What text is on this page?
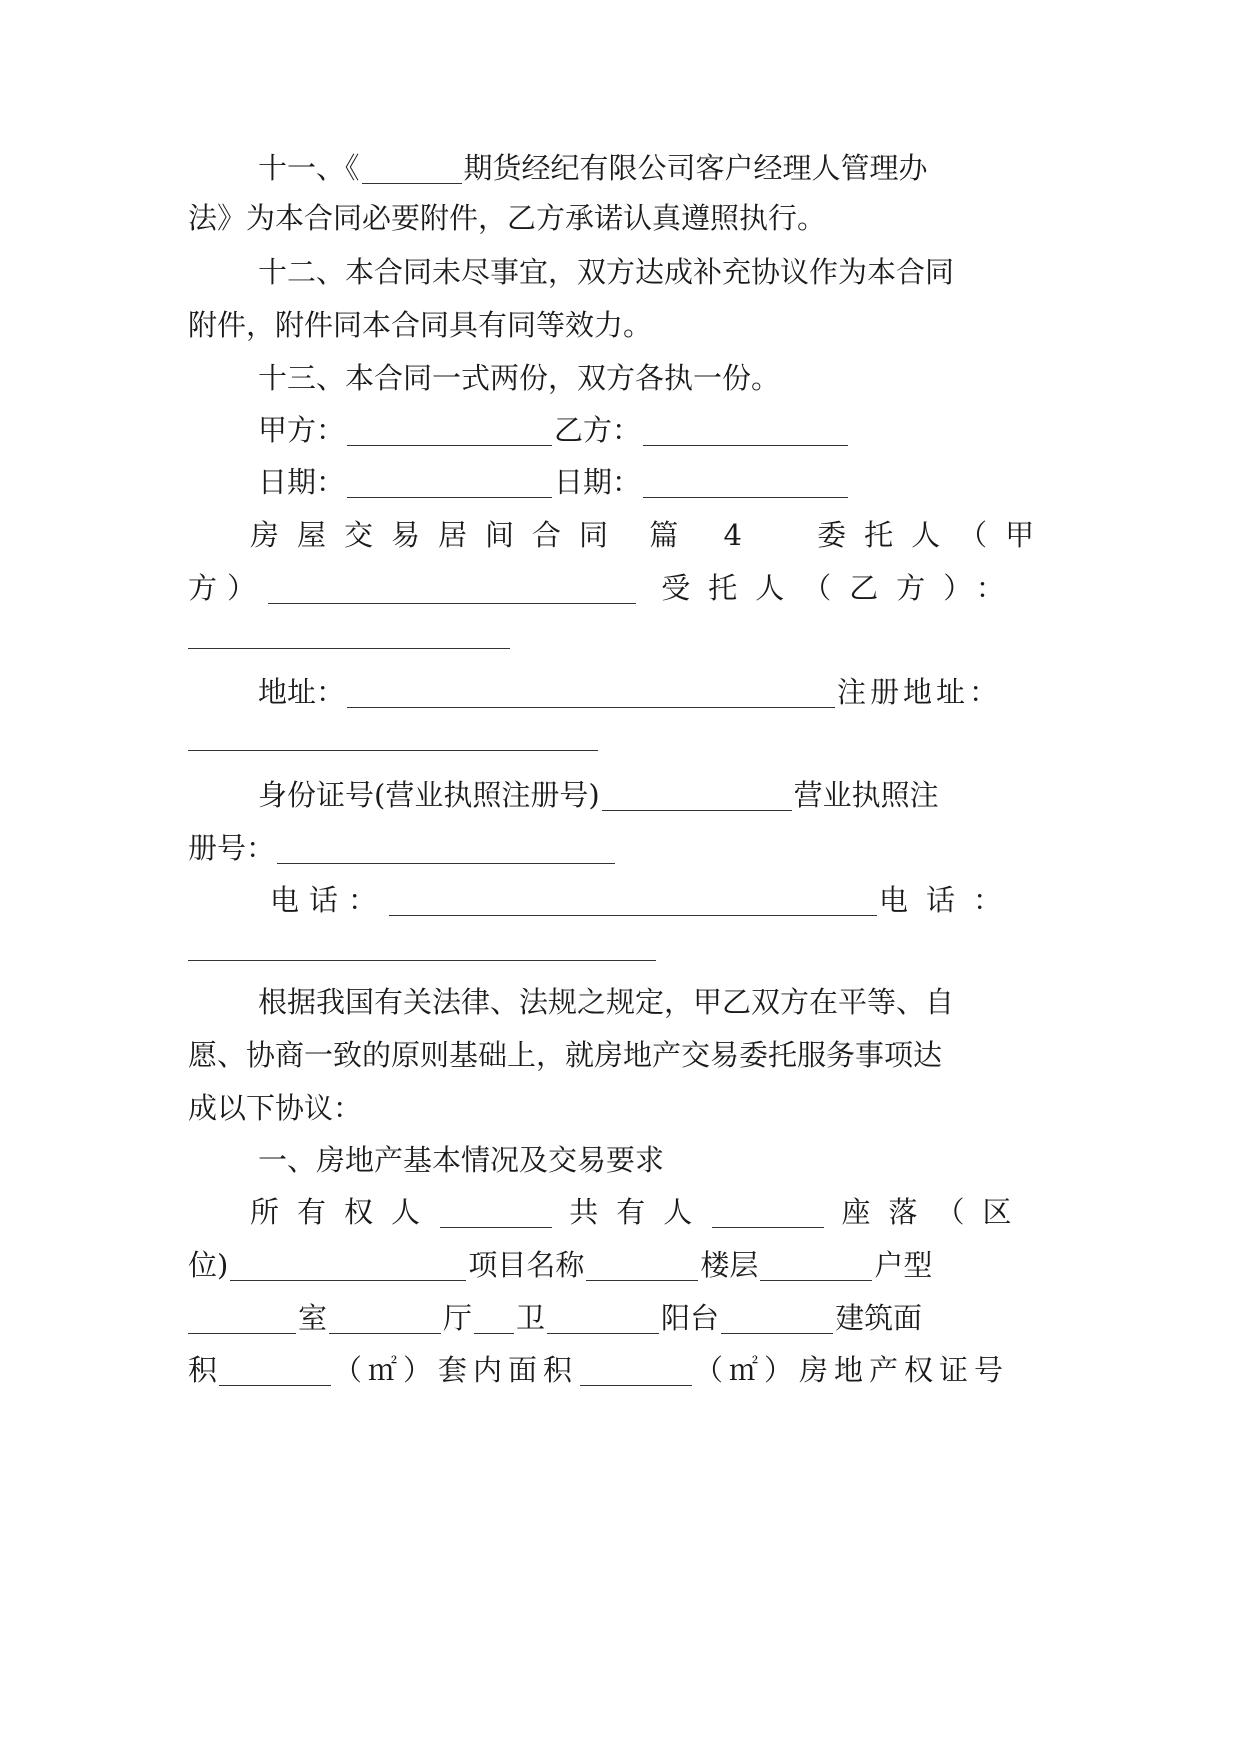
十一、《	期货经纪有限公司客户经理人管理办
法》为本合同必要附件，乙方承诺认真遵照执行。
十二、本合同未尽事宜，双方达成补充协议作为本合同
附件，附件同本合同具有同等效力。
十三、本合同一式两份，双方各执一份。
甲方：	乙方：
日期：	日期：
房屋交易居间合同 篇 4 委托人（甲
方）	受托人（乙方）：
地址：	注册地址：
身份证号(营业执照注册号)	营业执照注
册号：
电话：	电话：
根据我国有关法律、法规之规定，甲乙双方在平等、自
愿、协商一致的原则基础上，就房地产交易委托服务事项达
成以下协议：
一、房地产基本情况及交易要求
所有权人	共有人	座落（区
位)	项目名称	楼层	户型
室	厅 卫	阳台	建筑面
积	（㎡）套内面积	（㎡）房地产权证号
